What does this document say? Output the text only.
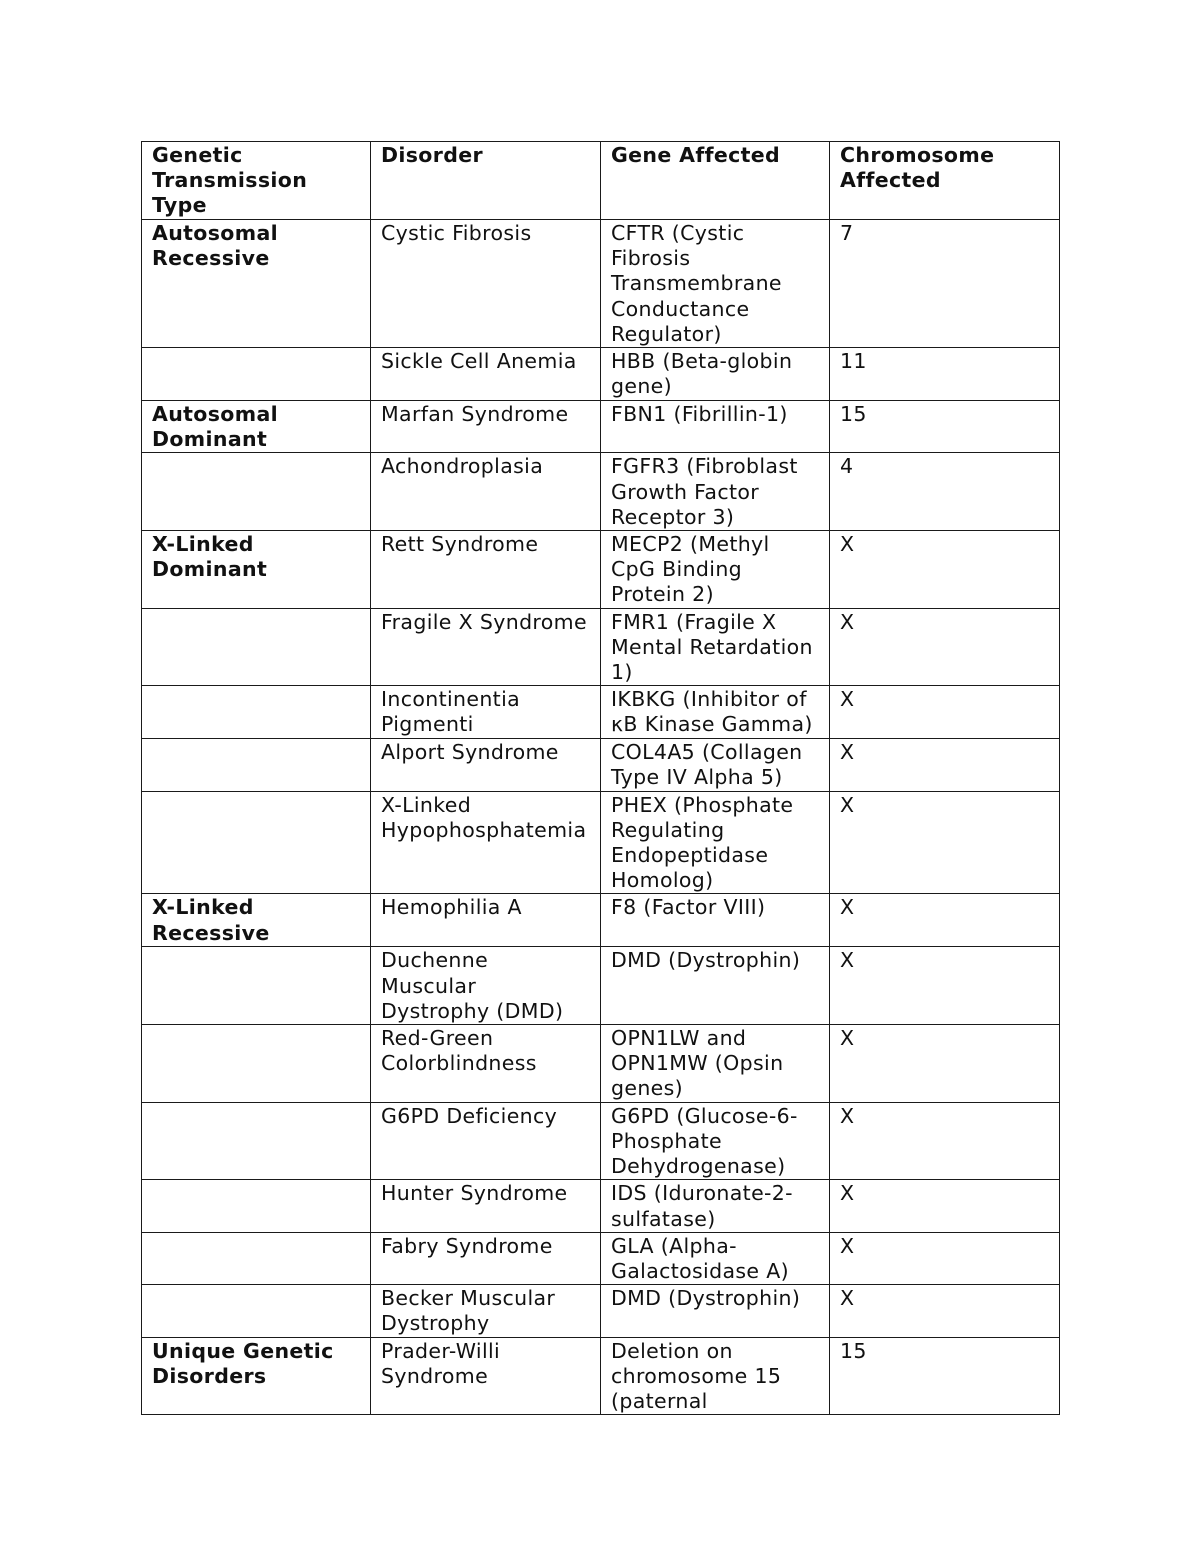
Genetic Transmission Type	Disorder	Gene Affected	Chromosome Affected
Autosomal Recessive	Cystic Fibrosis	CFTR (Cystic Fibrosis Transmembrane Conductance Regulator)	7
	Sickle Cell Anemia	HBB (Beta-globin gene)	11
Autosomal Dominant	Marfan Syndrome	FBN1 (Fibrillin-1)	15
	Achondroplasia	FGFR3 (Fibroblast Growth Factor Receptor 3)	4
X-Linked Dominant	Rett Syndrome	MECP2 (Methyl CpG Binding Protein 2)	X
	Fragile X Syndrome	FMR1 (Fragile X Mental Retardation 1)	X
	Incontinentia Pigmenti	IKBKG (Inhibitor of κB Kinase Gamma)	X
	Alport Syndrome	COL4A5 (Collagen Type IV Alpha 5)	X
	X-Linked Hypophosphatemia	PHEX (Phosphate Regulating Endopeptidase Homolog)	X
X-Linked Recessive	Hemophilia A	F8 (Factor VIII)	X
	Duchenne Muscular Dystrophy (DMD)	DMD (Dystrophin)	X
	Red-Green Colorblindness	OPN1LW and OPN1MW (Opsin genes)	X
	G6PD Deficiency	G6PD (Glucose-6-Phosphate Dehydrogenase)	X
	Hunter Syndrome	IDS (Iduronate-2-sulfatase)	X
	Fabry Syndrome	GLA (Alpha-Galactosidase A)	X
	Becker Muscular Dystrophy	DMD (Dystrophin)	X
Unique Genetic Disorders	Prader-Willi Syndrome	Deletion on chromosome 15 (paternal	15
